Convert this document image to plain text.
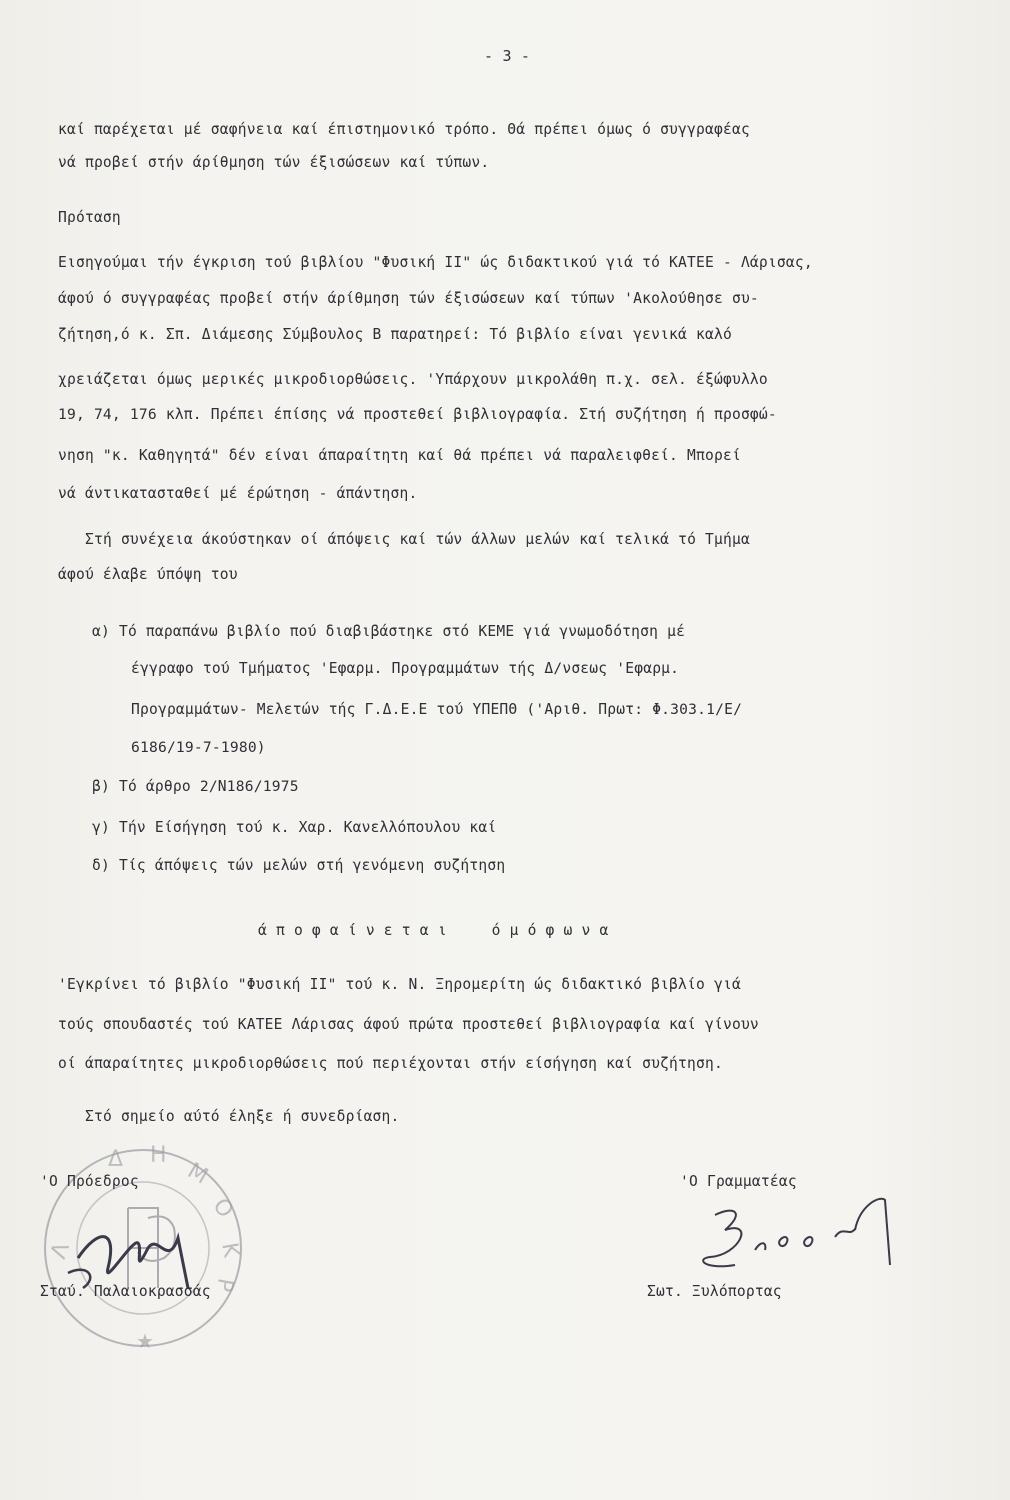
- 3 -
καί παρέχεται μέ σαφήνεια καί έπιστημονικό τρόπο. Θά πρέπει όμως ό συγγραφέας
νά προβεί στήν άρίθμηση τών έξισώσεων καί τύπων.
Πρόταση
Εισηγούμαι τήν έγκριση τού βιβλίου "Φυσική ΙΙ" ώς διδακτικού γιά τό ΚΑΤΕΕ - Λάρισας,
άφού ό συγγραφέας προβεί στήν άρίθμηση τών έξισώσεων καί τύπων 'Ακολούθησε συ-
ζήτηση,ό κ. Σπ. Διάμεσης Σύμβουλος Β παρατηρεί: Τό βιβλίο είναι γενικά καλό
χρειάζεται όμως μερικές μικροδιορθώσεις. 'Υπάρχουν μικρολάθη π.χ. σελ. έξώφυλλο
19, 74, 176 κλπ. Πρέπει έπίσης νά προστεθεί βιβλιογραφία. Στή συζήτηση ή προσφώ-
νηση "κ. Καθηγητά" δέν είναι άπαραίτητη καί θά πρέπει νά παραλειφθεί. Μπορεί
νά άντικατασταθεί μέ έρώτηση - άπάντηση.
Στή συνέχεια άκούστηκαν οί άπόψεις καί τών άλλων μελών καί τελικά τό Τμήμα
άφού έλαβε ύπόψη του
α) Τό παραπάνω βιβλίο πού διαβιβάστηκε στό ΚΕΜΕ γιά γνωμοδότηση μέ
έγγραφο τού Τμήματος 'Εφαρμ. Προγραμμάτων τής Δ/νσεως 'Εφαρμ.
Προγραμμάτων- Μελετών τής Γ.Δ.Ε.Ε τού ΥΠΕΠΘ ('Αριθ. Πρωτ: Φ.303.1/Ε/
6186/19-7-1980)
β) Τό άρθρο 2/Ν186/1975
γ) Τήν Είσήγηση τού κ. Χαρ. Κανελλόπουλου καί
δ) Τίς άπόψεις τών μελών στή γενόμενη συζήτηση
ά π ο φ α ί ν ε τ α ι     ό μ ό φ ω ν α
'Εγκρίνει τό βιβλίο "Φυσική ΙΙ" τού κ. Ν. Ξηρομερίτη ώς διδακτικό βιβλίο γιά
τούς σπουδαστές τού ΚΑΤΕΕ Λάρισας άφού πρώτα προστεθεί βιβλιογραφία καί γίνουν
οί άπαραίτητες μικροδιορθώσεις πού περιέχονται στήν είσήγηση καί συζήτηση.
Στό σημείο αύτό έληξε ή συνεδρίαση.
Λ
Δ Η
Μ
Ο
Κ
Ρ
★
'Ο Πρόεδρος
Σταύ. Παλαιοκρασσάς
'Ο Γραμματέας
Σωτ. Ξυλόπορτας
